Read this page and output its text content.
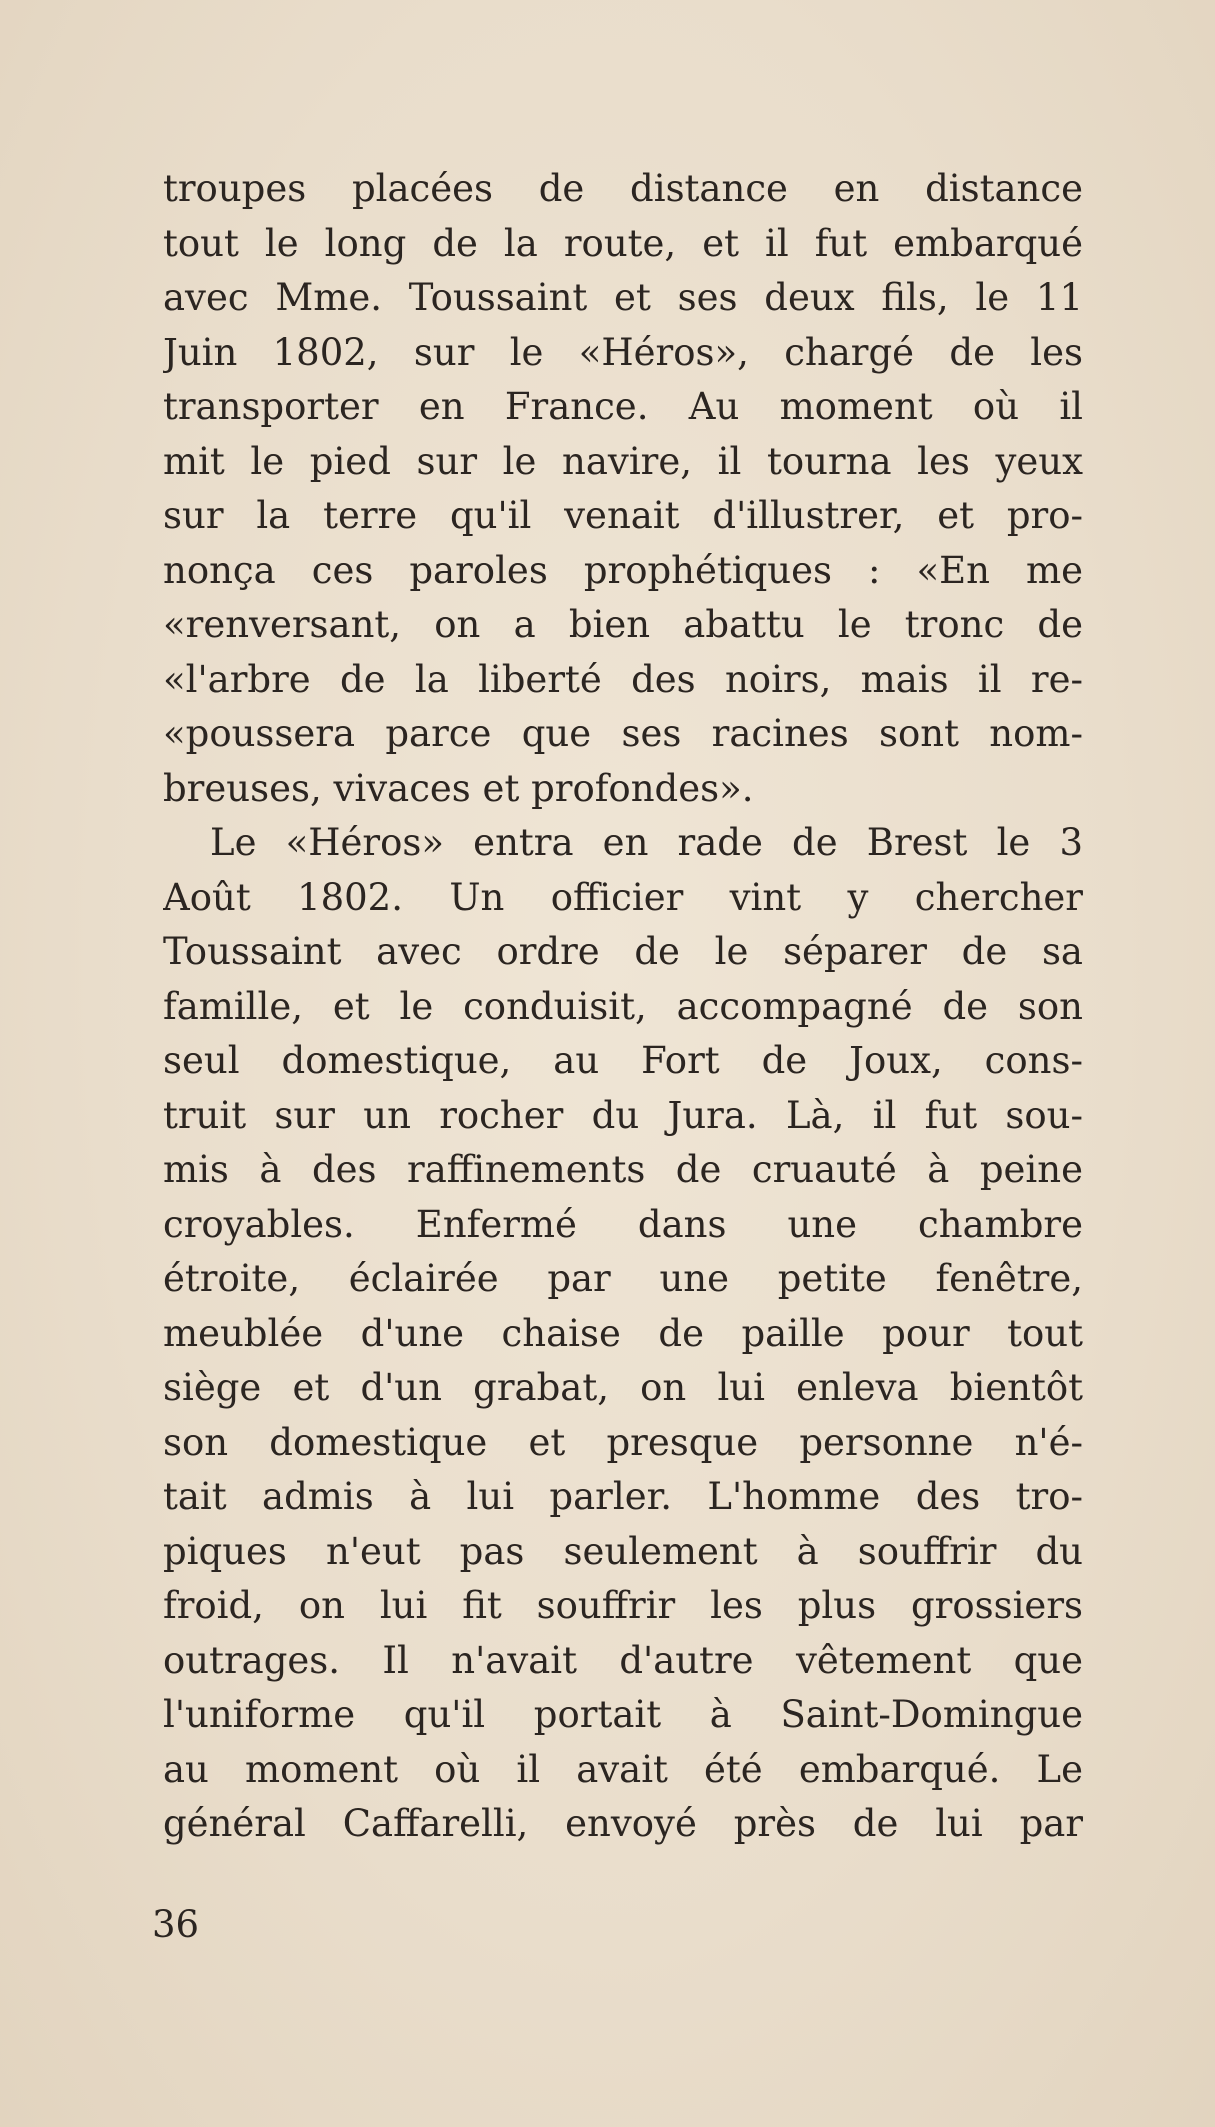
troupes placées de distance en distance
tout le long de la route, et il fut embarqué
avec Mme. Toussaint et ses deux fils, le 11
Juin 1802, sur le «Héros», chargé de les
transporter en France. Au moment où il
mit le pied sur le navire, il tourna les yeux
sur la terre qu'il venait d'illustrer, et pro-
nonça ces paroles prophétiques : «En me
«renversant, on a bien abattu le tronc de
«l'arbre de la liberté des noirs, mais il re-
«poussera parce que ses racines sont nom-
breuses, vivaces et profondes».
Le «Héros» entra en rade de Brest le 3
Août 1802. Un officier vint y chercher
Toussaint avec ordre de le séparer de sa
famille, et le conduisit, accompagné de son
seul domestique, au Fort de Joux, cons-
truit sur un rocher du Jura. Là, il fut sou-
mis à des raffinements de cruauté à peine
croyables. Enfermé dans une chambre
étroite, éclairée par une petite fenêtre,
meublée d'une chaise de paille pour tout
siège et d'un grabat, on lui enleva bientôt
son domestique et presque personne n'é-
tait admis à lui parler. L'homme des tro-
piques n'eut pas seulement à souffrir du
froid, on lui fit souffrir les plus grossiers
outrages. Il n'avait d'autre vêtement que
l'uniforme qu'il portait à Saint-Domingue
au moment où il avait été embarqué. Le
général Caffarelli, envoyé près de lui par
36
